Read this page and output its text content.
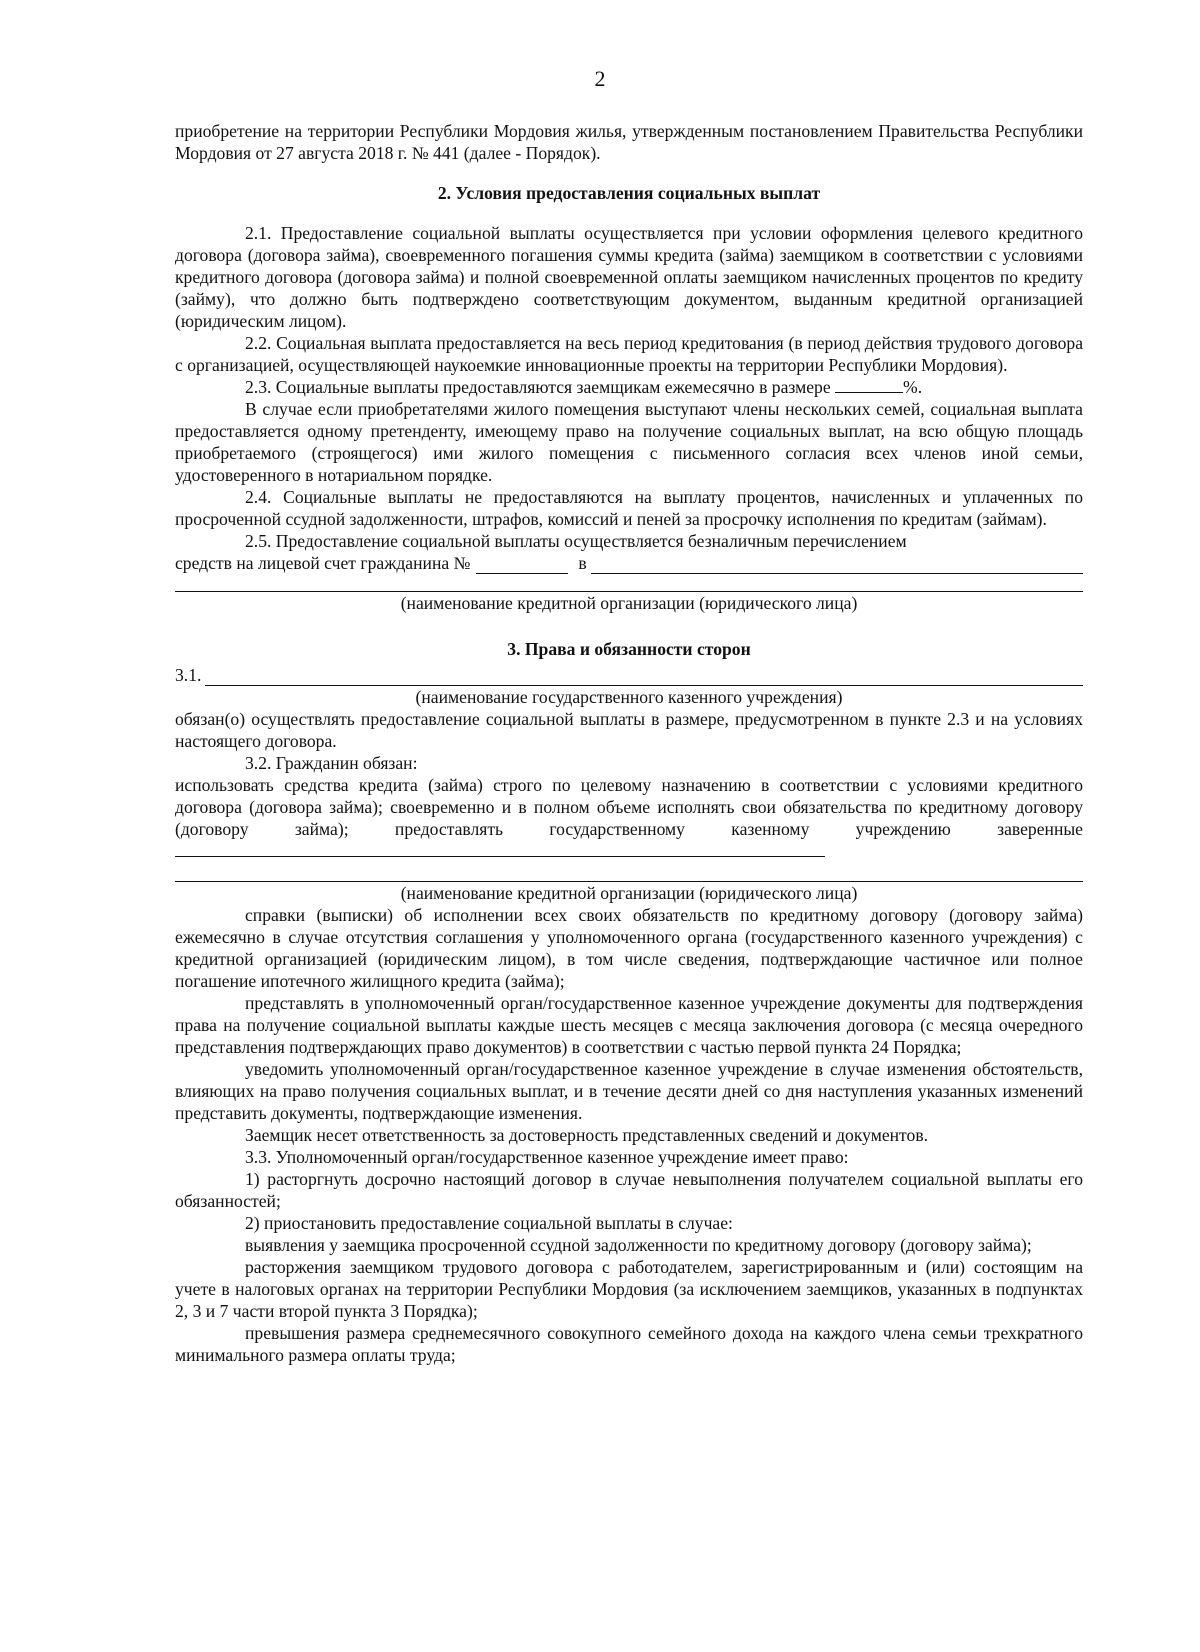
2

приобретение на территории Республики Мордовия жилья, утвержденным постановлением Правительства Республики Мордовия от 27 августа 2018 г. № 441 (далее - Порядок).

2. Условия предоставления социальных выплат

2.1. Предоставление социальной выплаты осуществляется при условии оформления целевого кредитного договора (договора займа), своевременного погашения суммы кредита (займа) заемщиком в соответствии с условиями кредитного договора (договора займа) и полной своевременной оплаты заемщиком начисленных процентов по кредиту (займу), что должно быть подтверждено соответствующим документом, выданным кредитной организацией (юридическим лицом).

2.2. Социальная выплата предоставляется на весь период кредитования (в период действия трудового договора с организацией, осуществляющей наукоемкие инновационные проекты на территории Республики Мордовия).

2.3. Социальные выплаты предоставляются заемщикам ежемесячно в размере	%.

В случае если приобретателями жилого помещения выступают члены нескольких семей, социальная выплата предоставляется одному претенденту, имеющему право на получение социальных выплат, на всю общую площадь приобретаемого (строящегося) ими жилого помещения с письменного согласия всех членов иной семьи, удостоверенного в нотариальном порядке.

2.4. Социальные выплаты не предоставляются на выплату процентов, начисленных и уплаченных по просроченной ссудной задолженности, штрафов, комиссий и пеней за просрочку исполнения по кредитам (займам).

2.5. Предоставление социальной выплаты осуществляется безналичным перечислением

средств на лицевой счет гражданина №	в

(наименование кредитной организации (юридического лица)

3. Права и обязанности сторон

3.1.

(наименование государственного казенного учреждения)

обязан(о) осуществлять предоставление социальной выплаты в размере, предусмотренном в пункте 2.3 и на условиях настоящего договора.

3.2. Гражданин обязан:

использовать средства кредита (займа) строго по целевому назначению в соответствии с условиями кредитного договора (договора займа); своевременно и в полном объеме исполнять свои обязательства по кредитному договору (договору займа); предоставлять государственному казенному учреждению заверенные

(наименование кредитной организации (юридического лица)

справки (выписки) об исполнении всех своих обязательств по кредитному договору (договору займа) ежемесячно в случае отсутствия соглашения у уполномоченного органа (государственного казенного учреждения) с кредитной организацией (юридическим лицом), в том числе сведения, подтверждающие частичное или полное погашение ипотечного жилищного кредита (займа);

представлять в уполномоченный орган/государственное казенное учреждение документы для подтверждения права на получение социальной выплаты каждые шесть месяцев с месяца заключения договора (с месяца очередного представления подтверждающих право документов) в соответствии с частью первой пункта 24 Порядка;

уведомить уполномоченный орган/государственное казенное учреждение в случае изменения обстоятельств, влияющих на право получения социальных выплат, и в течение десяти дней со дня наступления указанных изменений представить документы, подтверждающие изменения.

Заемщик несет ответственность за достоверность представленных сведений и документов.

3.3. Уполномоченный орган/государственное казенное учреждение имеет право:

1) расторгнуть досрочно настоящий договор в случае невыполнения получателем социальной выплаты его обязанностей;

2) приостановить предоставление социальной выплаты в случае:

выявления у заемщика просроченной ссудной задолженности по кредитному договору (договору займа);

расторжения заемщиком трудового договора с работодателем, зарегистрированным и (или) состоящим на учете в налоговых органах на территории Республики Мордовия (за исключением заемщиков, указанных в подпунктах 2, 3 и 7 части второй пункта 3 Порядка);

превышения размера среднемесячного совокупного семейного дохода на каждого члена семьи трехкратного минимального размера оплаты труда;
